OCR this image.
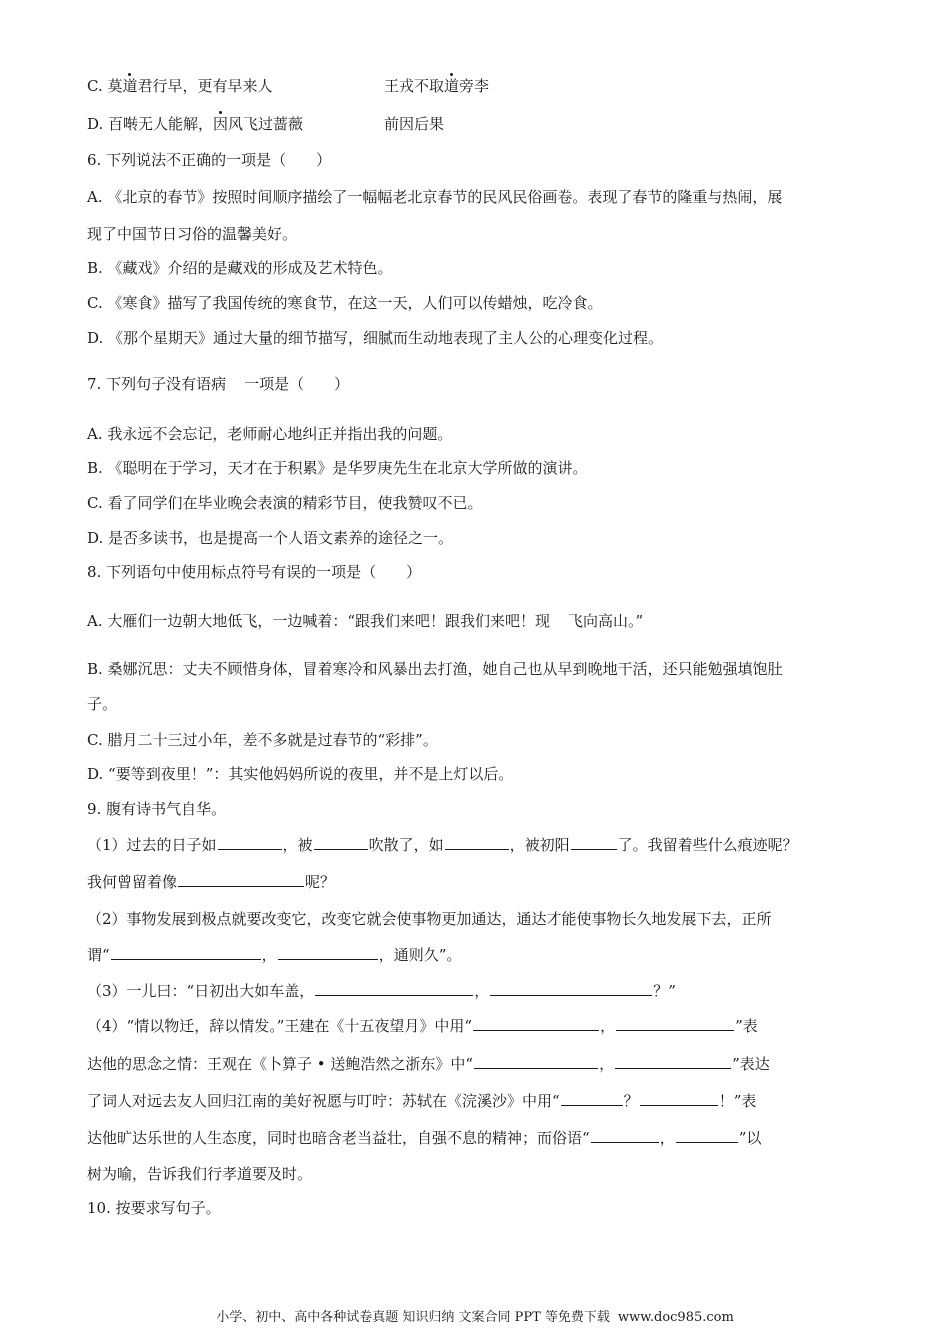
C. 莫道君行早，更有早来人	王戎不取道旁李
D. 百啭无人能解，因风飞过蔷薇	前因后果
6. 下列说法不正确的一项是（　　）
A. 《北京的春节》按照时间顺序描绘了一幅幅老北京春节的民风民俗画卷。表现了春节的隆重与热闹，展
现了中国节日习俗的温馨美好。
B. 《藏戏》介绍的是藏戏的形成及艺术特色。
C. 《寒食》描写了我国传统的寒食节，在这一天，人们可以传蜡烛，吃冷食。
D. 《那个星期天》通过大量的细节描写，细腻而生动地表现了主人公的心理变化过程。
7. 下列句子没有语病 一项是（　　）
A. 我永远不会忘记，老师耐心地纠正并指出我的问题。
B. 《聪明在于学习，天才在于积累》是华罗庚先生在北京大学所做的演讲。
C. 看了同学们在毕业晚会表演的精彩节目，使我赞叹不已。
D. 是否多读书，也是提高一个人语文素养的途径之一。
8. 下列语句中使用标点符号有误的一项是（　　）
A. 大雁们一边朝大地低飞，一边喊着：“跟我们来吧！跟我们来吧！现 飞向高山。”
B. 桑娜沉思：丈夫不顾惜身体，冒着寒冷和风暴出去打渔，她自己也从早到晚地干活，还只能勉强填饱肚
子。
C. 腊月二十三过小年，差不多就是过春节的“彩排”。
D. “要等到夜里！”：其实他妈妈所说的夜里，并不是上灯以后。
9. 腹有诗书气自华。
（1）过去的日子如	，被	吹散了，如	，被初阳	了。我留着些什么痕迹呢？
我何曾留着像	呢？
（2）事物发展到极点就要改变它，改变它就会使事物更加通达，通达才能使事物长久地发展下去，正所
谓“	，	，通则久”。
（3）一儿曰：“日初出大如车盖，	，	？”
（4）“情以物迁，辞以情发。”王建在《十五夜望月》中用“	，	”表
达他的思念之情：王观在《卜算子 • 送鲍浩然之浙东》中“	，	”表达
了词人对远去友人回归江南的美好祝愿与叮咛：苏轼在《浣溪沙》中用“	？	！”表
达他旷达乐世的人生态度，同时也暗含老当益壮，自强不息的精神；而俗语“	，	”以
树为喻，告诉我们行孝道要及时。
10. 按要求写句子。
小学、初中、高中各种试卷真题 知识归纳 文案合同 PPT 等免费下载 www.doc985.com
